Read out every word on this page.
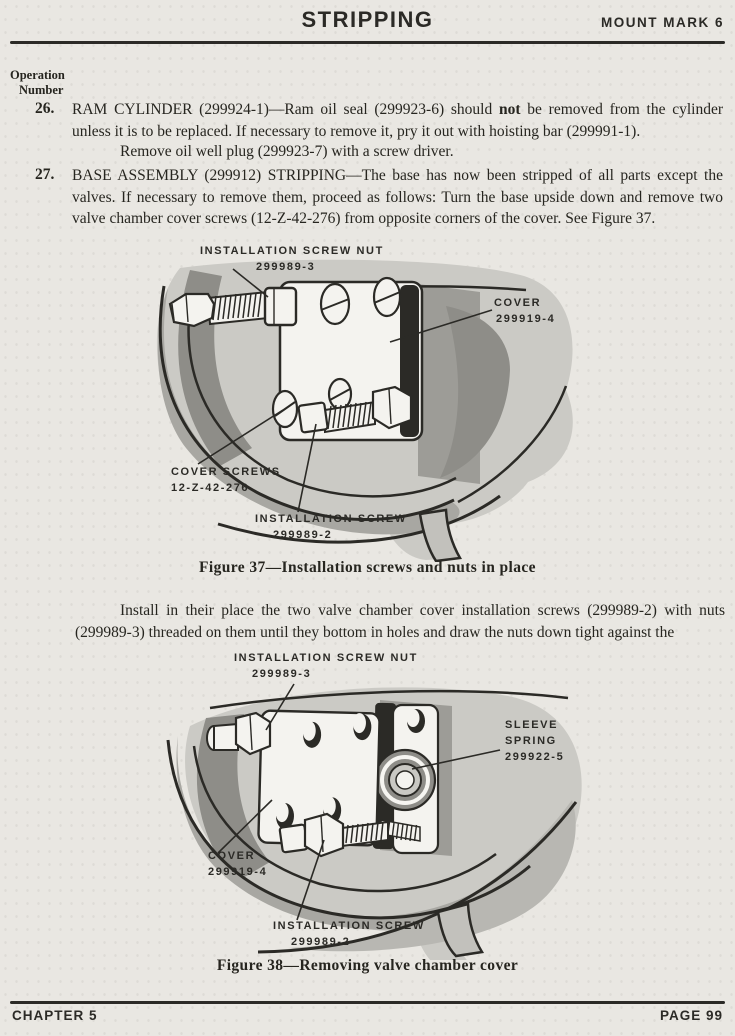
STRIPPING	MOUNT MARK 6
Operation
Number
26. RAM CYLINDER (299924-1)—Ram oil seal (299923-6) should not be removed from the cylinder unless it is to be replaced. If necessary to remove it, pry it out with hoisting bar (299991-1).
Remove oil well plug (299923-7) with a screw driver.
27. BASE ASSEMBLY (299912) STRIPPING—The base has now been stripped of all parts except the valves. If necessary to remove them, proceed as follows: Turn the base upside down and remove two valve chamber cover screws (12-Z-42-276) from opposite corners of the cover. See Figure 37.
INSTALLATION SCREW NUT
299989-3
COVER
299919-4
COVER SCREWS
12-Z-42-276
INSTALLATION SCREW
299989-2
Figure 37—Installation screws and nuts in place
Install in their place the two valve chamber cover installation screws (299989-2) with nuts (299989-3) threaded on them until they bottom in holes and draw the nuts down tight against the
INSTALLATION SCREW NUT
299989-3
SLEEVE
SPRING
299922-5
COVER
299919-4
INSTALLATION SCREW
299989-2
Figure 38—Removing valve chamber cover
CHAPTER 5	PAGE 99
